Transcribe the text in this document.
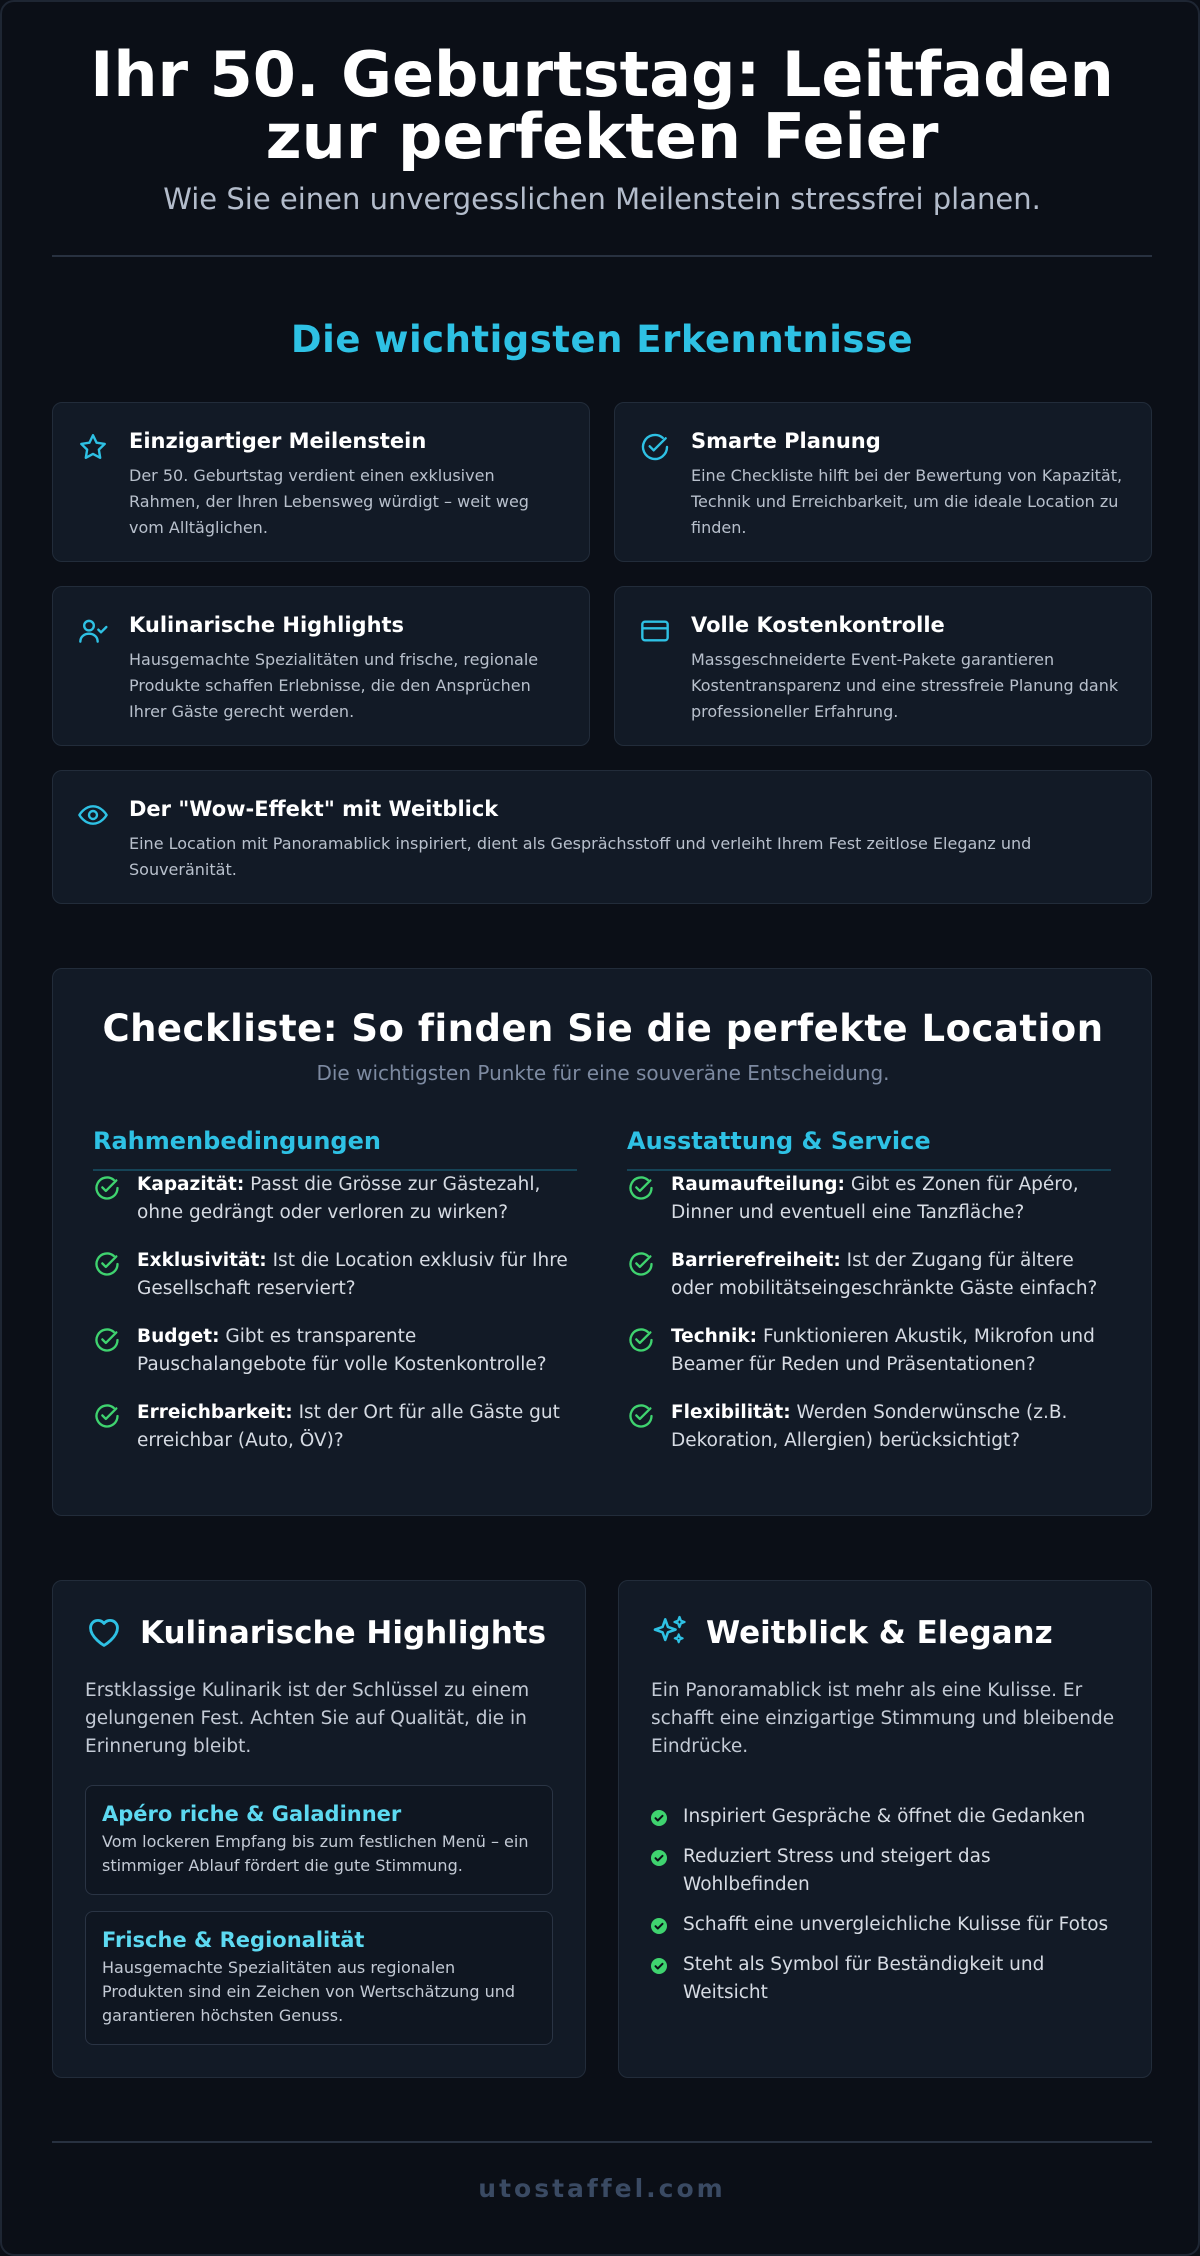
Ihr 50. Geburtstag: Leitfaden zur perfekten Feier
Wie Sie einen unvergesslichen Meilenstein stressfrei planen.
Die wichtigsten Erkenntnisse
Einzigartiger Meilenstein
Der 50. Geburtstag verdient einen exklusiven Rahmen, der Ihren Lebensweg würdigt – weit weg vom Alltäglichen.
Smarte Planung
Eine Checkliste hilft bei der Bewertung von Kapazität, Technik und Erreichbarkeit, um die ideale Location zu finden.
Kulinarische Highlights
Hausgemachte Spezialitäten und frische, regionale Produkte schaffen Erlebnisse, die den Ansprüchen Ihrer Gäste gerecht werden.
Volle Kostenkontrolle
Massgeschneiderte Event-Pakete garantieren Kostentransparenz und eine stressfreie Planung dank professioneller Erfahrung.
Der "Wow-Effekt" mit Weitblick
Eine Location mit Panoramablick inspiriert, dient als Gesprächsstoff und verleiht Ihrem Fest zeitlose Eleganz und Souveränität.
Checkliste: So finden Sie die perfekte Location
Die wichtigsten Punkte für eine souveräne Entscheidung.
Rahmenbedingungen
Kapazität: Passt die Grösse zur Gästezahl, ohne gedrängt oder verloren zu wirken?
Exklusivität: Ist die Location exklusiv für Ihre Gesellschaft reserviert?
Budget: Gibt es transparente Pauschalangebote für volle Kostenkontrolle?
Erreichbarkeit: Ist der Ort für alle Gäste gut erreichbar (Auto, ÖV)?
Ausstattung & Service
Raumaufteilung: Gibt es Zonen für Apéro, Dinner und eventuell eine Tanzfläche?
Barrierefreiheit: Ist der Zugang für ältere oder mobilitätseingeschränkte Gäste einfach?
Technik: Funktionieren Akustik, Mikrofon und Beamer für Reden und Präsentationen?
Flexibilität: Werden Sonderwünsche (z.B. Dekoration, Allergien) berücksichtigt?
Kulinarische Highlights
Erstklassige Kulinarik ist der Schlüssel zu einem gelungenen Fest. Achten Sie auf Qualität, die in Erinnerung bleibt.
Apéro riche & Galadinner
Vom lockeren Empfang bis zum festlichen Menü – ein stimmiger Ablauf fördert die gute Stimmung.
Frische & Regionalität
Hausgemachte Spezialitäten aus regionalen Produkten sind ein Zeichen von Wertschätzung und garantieren höchsten Genuss.
Weitblick & Eleganz
Ein Panoramablick ist mehr als eine Kulisse. Er schafft eine einzigartige Stimmung und bleibende Eindrücke.
Inspiriert Gespräche & öffnet die Gedanken
Reduziert Stress und steigert das Wohlbefinden
Schafft eine unvergleichliche Kulisse für Fotos
Steht als Symbol für Beständigkeit und Weitsicht
utostaffel.com
